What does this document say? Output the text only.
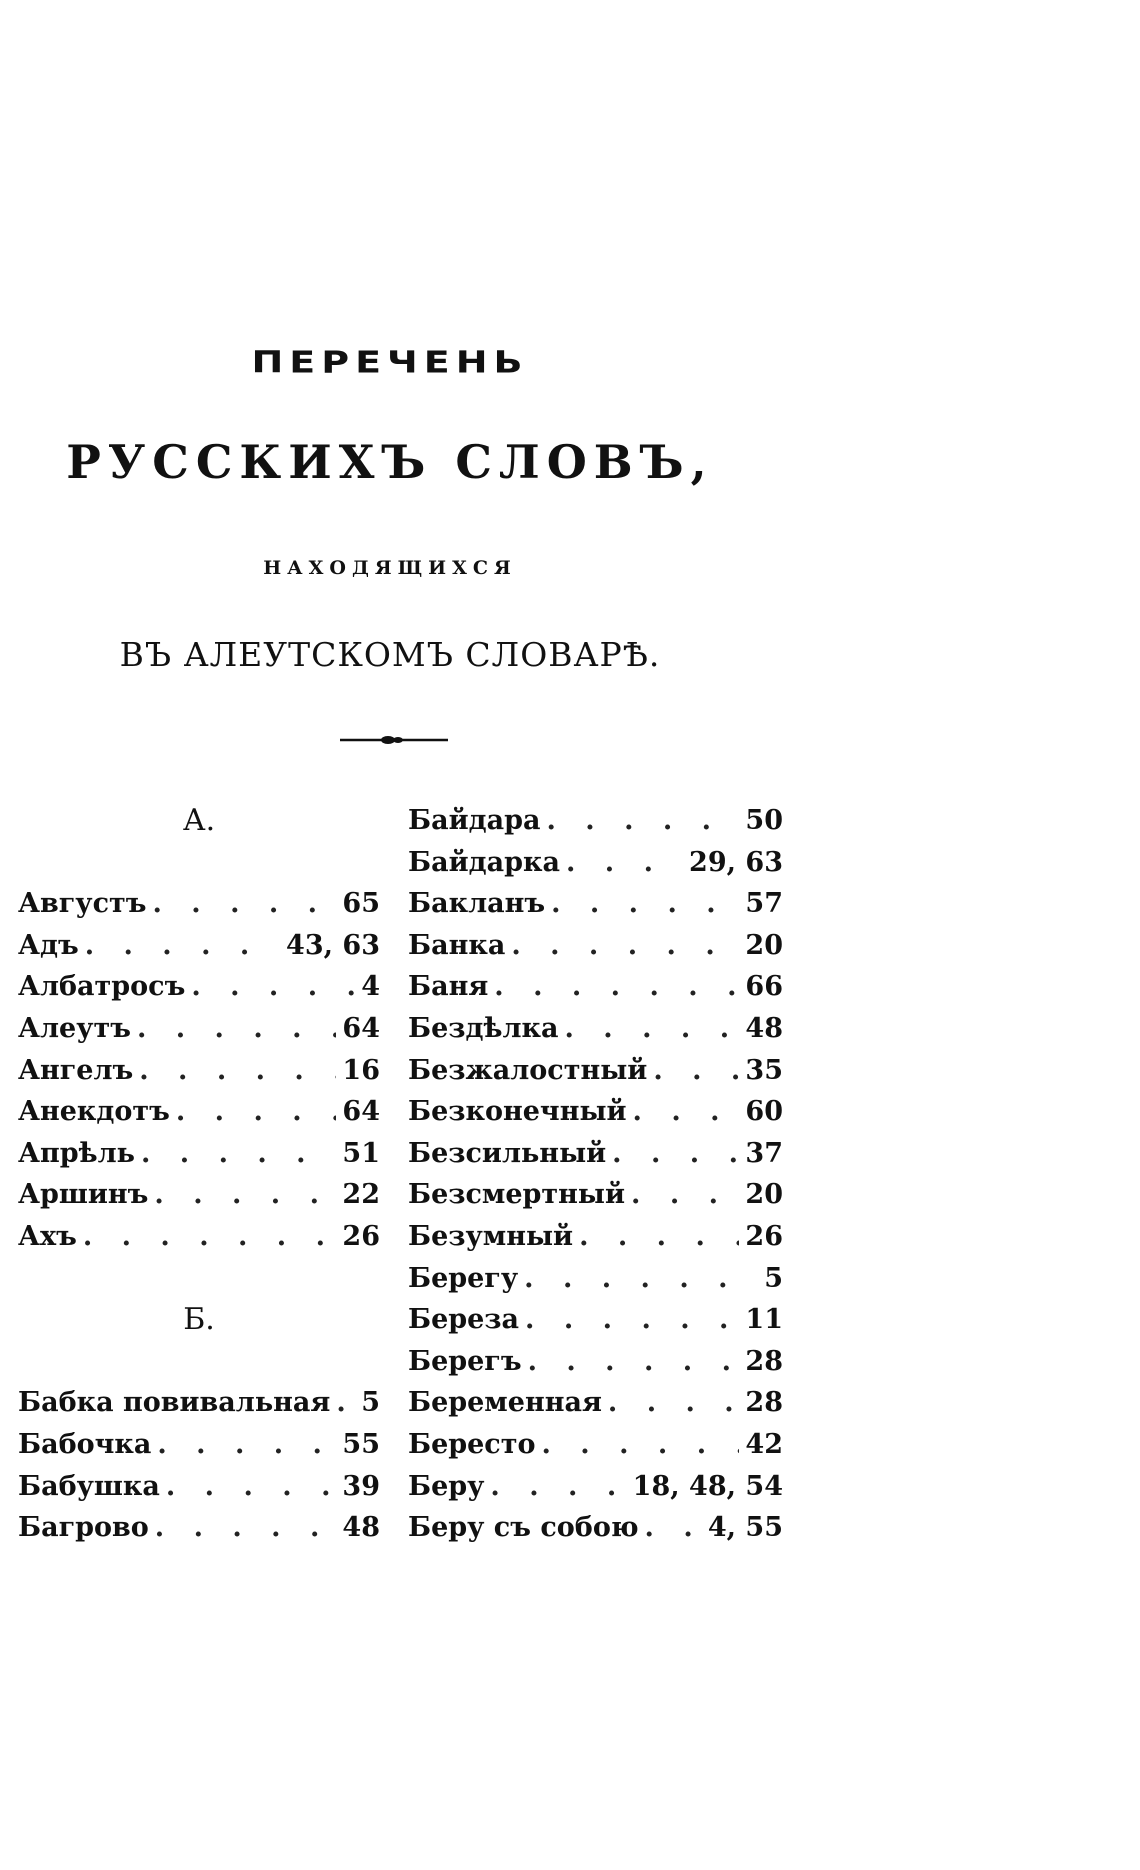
ПЕРЕЧЕНЬ
РУССКИХЪ СЛОВЪ,
НАХОДЯЩИХСЯ
ВЪ АЛЕУТСКОМЪ СЛОВАРѢ.
А.
Августъ . . .	65
Адъ . . .	43, 63
Албатросъ . . .	4
Алеутъ . . .	64
Ангелъ . . .	16
Анекдотъ . . .	64
Апрѣль . . .	51
Аршинъ . . .	22
Ахъ . . .	26
Б.
Бабка повивальная . . . 5
Бабочка . . .	55
Бабушка . . .	39
Багрово . . .	48
Байдара . . .	50
Байдарка . . .	29, 63
Бакланъ . . .	57
Банка . . .	20
Баня . . .	66
Бездѣлка . . .	48
Безжалостный . . .	35
Безконечный . . .	60
Безсильный . . .	37
Безсмертный . . .	20
Безумный . . .	26
Берегу . . .	5
Береза . . .	11
Берегъ . . .	28
Беременная . . .	28
Бересто . . .	42
Беру . . .	18, 48, 54
Беру съ собою . . .	4, 55
